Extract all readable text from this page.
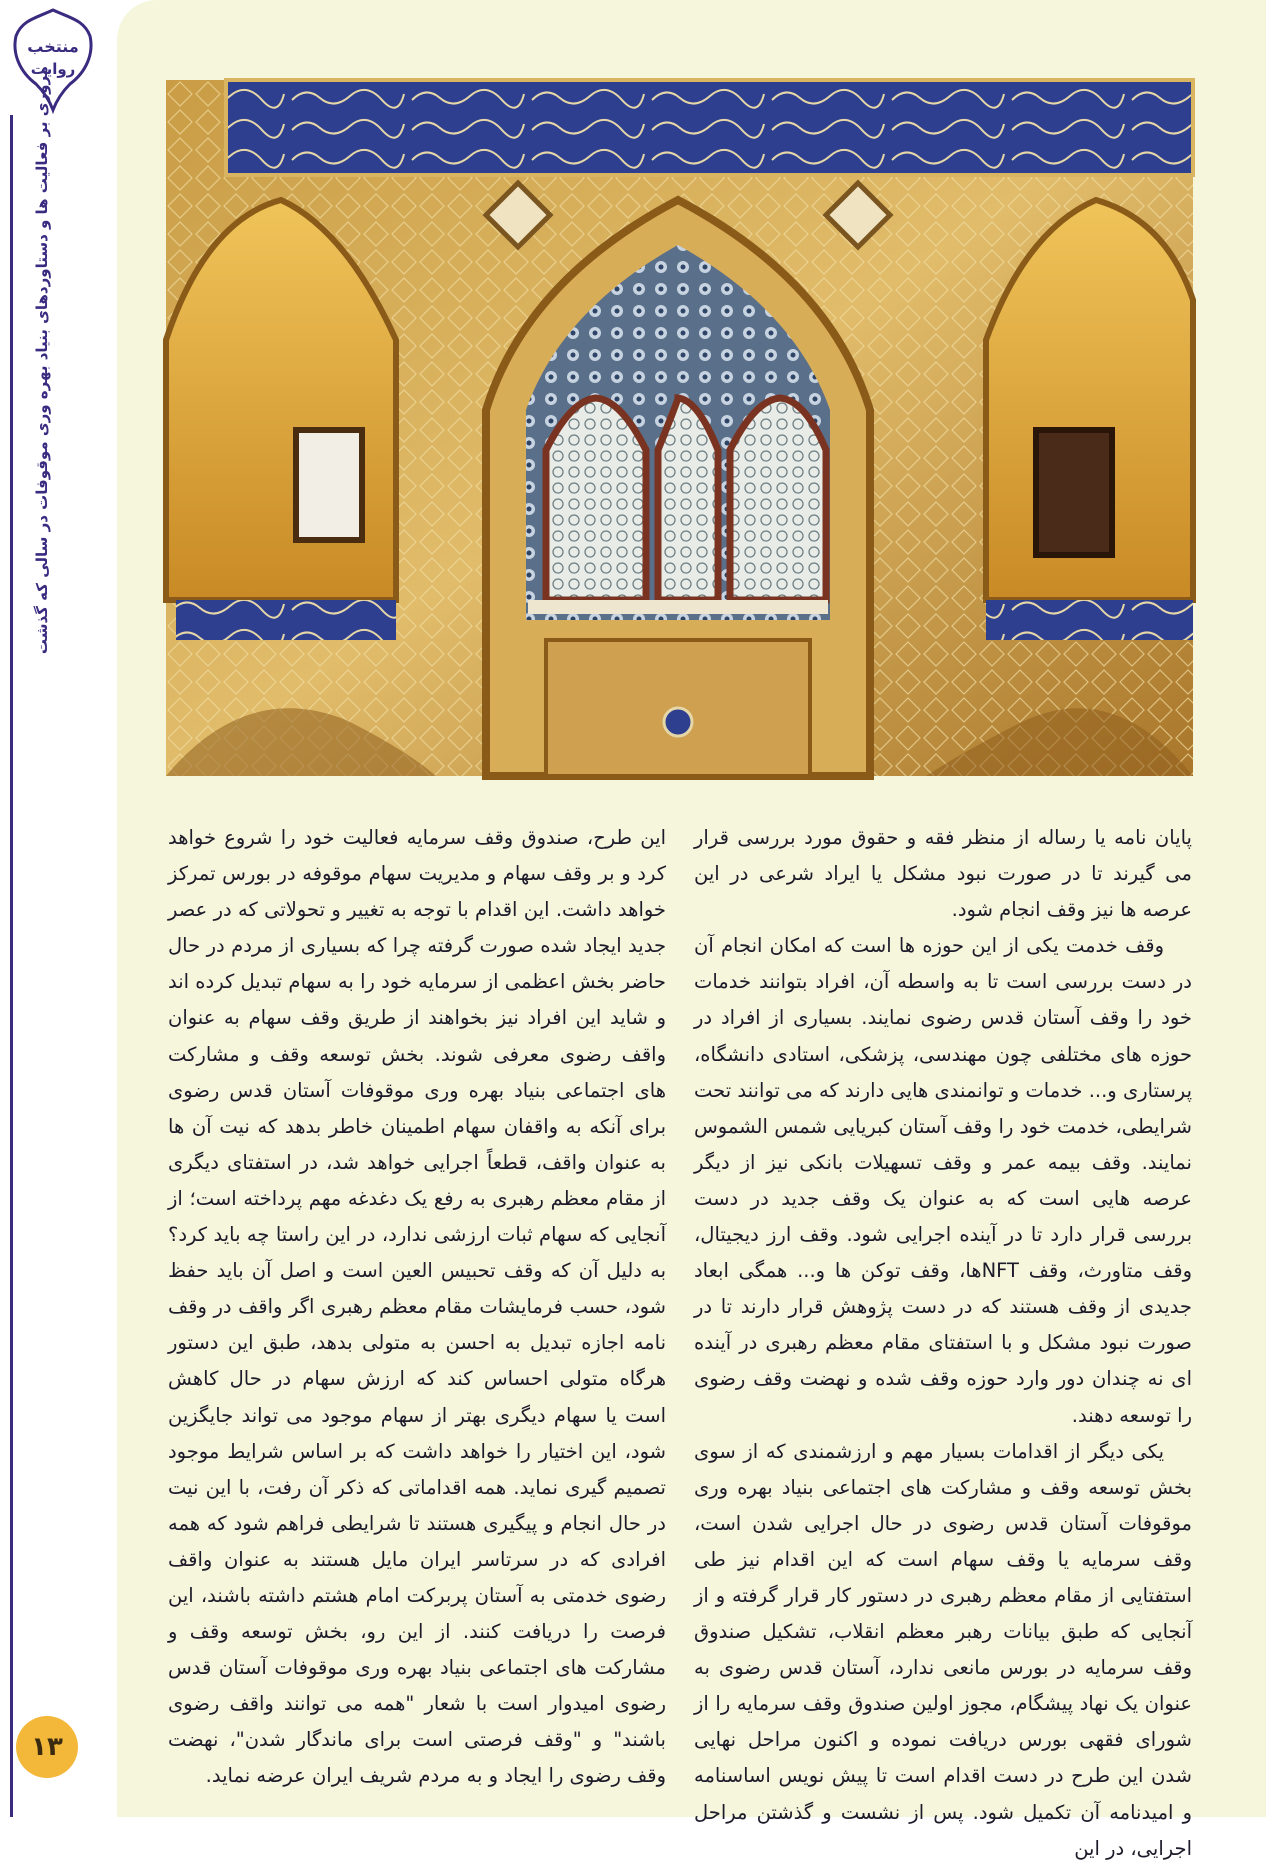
منتخب
روایت
مروری بر فعالیت ها و دستاوردهای بنیاد بهره وری موقوفات در سالی که گذشت
۱۳

پایان نامه یا رساله از منظر فقه و حقوق مورد بررسی قرار می گیرند تا در صورت نبود مشکل یا ایراد شرعی در این عرصه ها نیز وقف انجام شود.

وقف خدمت یکی از این حوزه ها است که امکان انجام آن در دست بررسی است تا به واسطه آن، افراد بتوانند خدمات خود را وقف آستان قدس رضوی نمایند. بسیاری از افراد در حوزه های مختلفی چون مهندسی، پزشکی، استادی دانشگاه، پرستاری و... خدمات و توانمندی هایی دارند که می توانند تحت شرایطی، خدمت خود را وقف آستان کبریایی شمس الشموس نمایند. وقف بیمه عمر و وقف تسهیلات بانکی نیز از دیگر عرصه هایی است که به عنوان یک وقف جدید در دست بررسی قرار دارد تا در آینده اجرایی شود. وقف ارز دیجیتال، وقف متاورث، وقف NFTها، وقف توکن ها و... همگی ابعاد جدیدی از وقف هستند که در دست پژوهش قرار دارند تا در صورت نبود مشکل و با استفتای مقام معظم رهبری در آینده ای نه چندان دور وارد حوزه وقف شده و نهضت وقف رضوی را توسعه دهند.

یکی دیگر از اقدامات بسیار مهم و ارزشمندی که از سوی بخش توسعه وقف و مشارکت های اجتماعی بنیاد بهره وری موقوفات آستان قدس رضوی در حال اجرایی شدن است، وقف سرمایه یا وقف سهام است که این اقدام نیز طی استفتایی از مقام معظم رهبری در دستور کار قرار گرفته و از آنجایی که طبق بیانات رهبر معظم انقلاب، تشکیل صندوق وقف سرمایه در بورس مانعی ندارد، آستان قدس رضوی به عنوان یک نهاد پیشگام، مجوز اولین صندوق وقف سرمایه را از شورای فقهی بورس دریافت نموده و اکنون مراحل نهایی شدن این طرح در دست اقدام است تا پیش نویس اساسنامه و امیدنامه آن تکمیل شود. پس از نشست و گذشتن مراحل اجرایی، در این

این طرح، صندوق وقف سرمایه فعالیت خود را شروع خواهد کرد و بر وقف سهام و مدیریت سهام موقوفه در بورس تمرکز خواهد داشت. این اقدام با توجه به تغییر و تحولاتی که در عصر جدید ایجاد شده صورت گرفته چرا که بسیاری از مردم در حال حاضر بخش اعظمی از سرمایه خود را به سهام تبدیل کرده اند و شاید این افراد نیز بخواهند از طریق وقف سهام به عنوان واقف رضوی معرفی شوند. بخش توسعه وقف و مشارکت های اجتماعی بنیاد بهره وری موقوفات آستان قدس رضوی برای آنکه به واقفان سهام اطمینان خاطر بدهد که نیت آن ها به عنوان واقف، قطعاً اجرایی خواهد شد، در استفتای دیگری از مقام معظم رهبری به رفع یک دغدغه مهم پرداخته است؛ از آنجایی که سهام ثبات ارزشی ندارد، در این راستا چه باید کرد؟ به دلیل آن که وقف تحبیس العین است و اصل آن باید حفظ شود، حسب فرمایشات مقام معظم رهبری اگر واقف در وقف نامه اجازه تبدیل به احسن به متولی بدهد، طبق این دستور هرگاه متولی احساس کند که ارزش سهام در حال کاهش است یا سهام دیگری بهتر از سهام موجود می تواند جایگزین شود، این اختیار را خواهد داشت که بر اساس شرایط موجود تصمیم گیری نماید. همه اقداماتی که ذکر آن رفت، با این نیت در حال انجام و پیگیری هستند تا شرایطی فراهم شود که همه افرادی که در سرتاسر ایران مایل هستند به عنوان واقف رضوی خدمتی به آستان پربرکت امام هشتم داشته باشند، این فرصت را دریافت کنند. از این رو، بخش توسعه وقف و مشارکت های اجتماعی بنیاد بهره وری موقوفات آستان قدس رضوی امیدوار است با شعار "همه می توانند واقف رضوی باشند" و "وقف فرصتی است برای ماندگار شدن"، نهضت وقف رضوی را ایجاد و به مردم شریف ایران عرضه نماید.
